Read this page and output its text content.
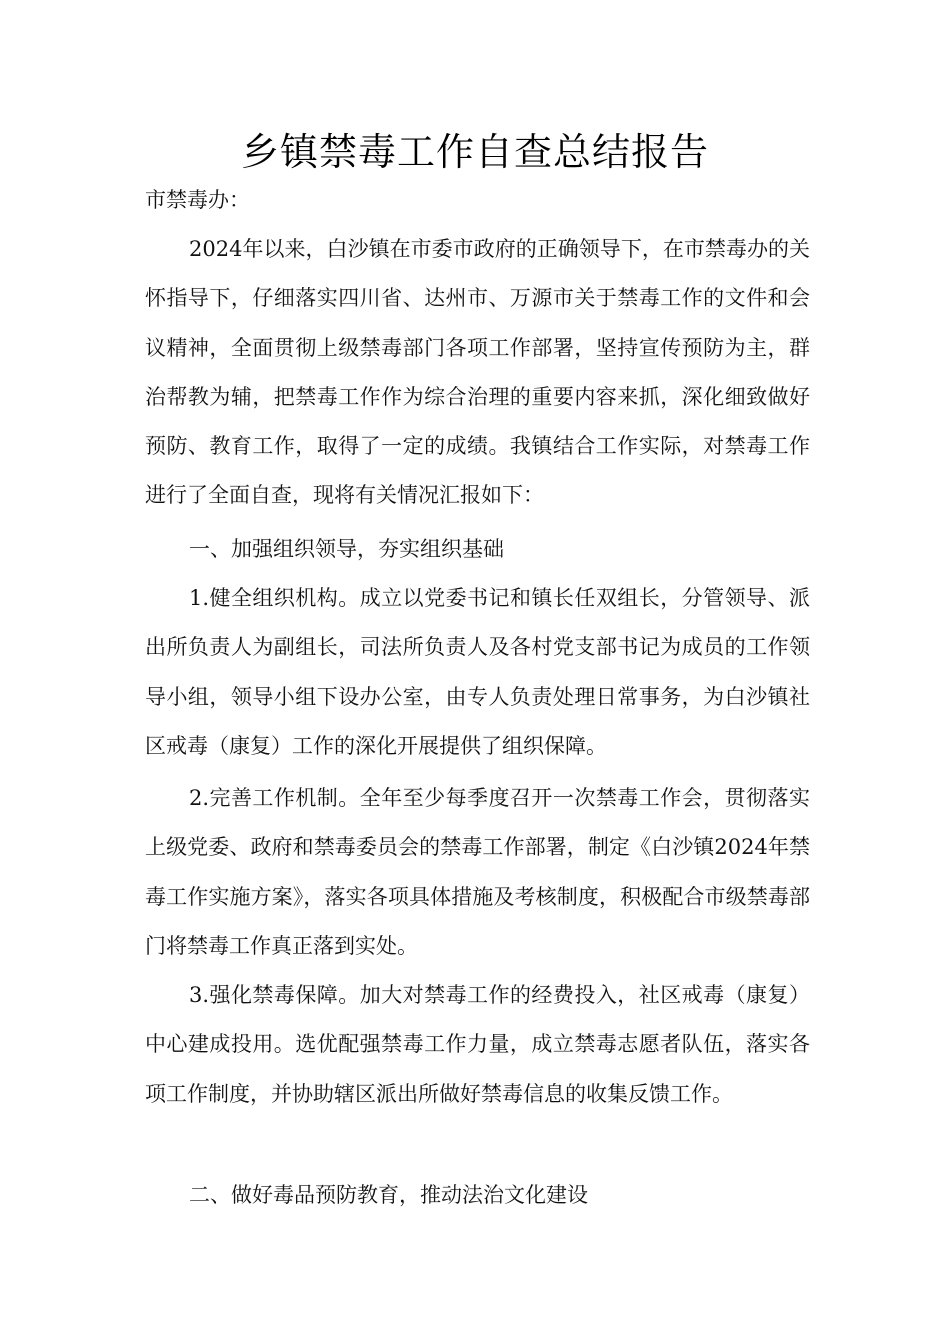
乡镇禁毒工作自查总结报告

市禁毒办：

2024年以来，白沙镇在市委市政府的正确领导下，在市禁毒办的关怀指导下，仔细落实四川省、达州市、万源市关于禁毒工作的文件和会议精神，全面贯彻上级禁毒部门各项工作部署，坚持宣传预防为主，群治帮教为辅，把禁毒工作作为综合治理的重要内容来抓，深化细致做好预防、教育工作，取得了一定的成绩。我镇结合工作实际，对禁毒工作进行了全面自查，现将有关情况汇报如下：

一、加强组织领导，夯实组织基础

1.健全组织机构。成立以党委书记和镇长任双组长，分管领导、派出所负责人为副组长，司法所负责人及各村党支部书记为成员的工作领导小组，领导小组下设办公室，由专人负责处理日常事务，为白沙镇社区戒毒（康复）工作的深化开展提供了组织保障。

2.完善工作机制。全年至少每季度召开一次禁毒工作会，贯彻落实上级党委、政府和禁毒委员会的禁毒工作部署，制定《白沙镇2024年禁毒工作实施方案》，落实各项具体措施及考核制度，积极配合市级禁毒部门将禁毒工作真正落到实处。

3.强化禁毒保障。加大对禁毒工作的经费投入，社区戒毒（康复）中心建成投用。选优配强禁毒工作力量，成立禁毒志愿者队伍，落实各项工作制度，并协助辖区派出所做好禁毒信息的收集反馈工作。

二、做好毒品预防教育，推动法治文化建设
